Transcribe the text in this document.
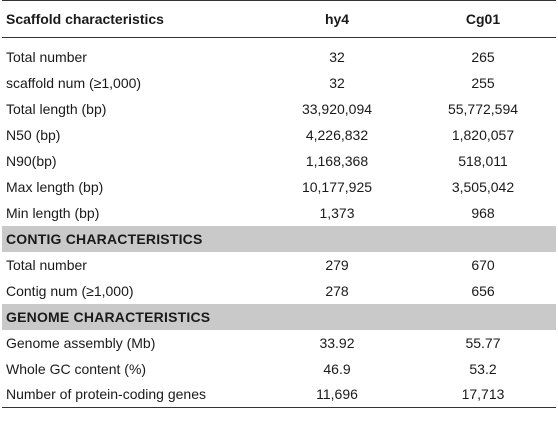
Scaffold characteristics	hy4	Cg01

Total number	32	265
scaffold num (≥1,000)	32	255
Total length (bp)	33,920,094	55,772,594
N50 (bp)	4,226,832	1,820,057
N90(bp)	1,168,368	518,011
Max length (bp)	10,177,925	3,505,042
Min length (bp)	1,373	968
CONTIG CHARACTERISTICS		
Total number	279	670
Contig num (≥1,000)	278	656
GENOME CHARACTERISTICS		
Genome assembly (Mb)	33.92	55.77
Whole GC content (%)	46.9	53.2
Number of protein-coding genes	11,696	17,713
